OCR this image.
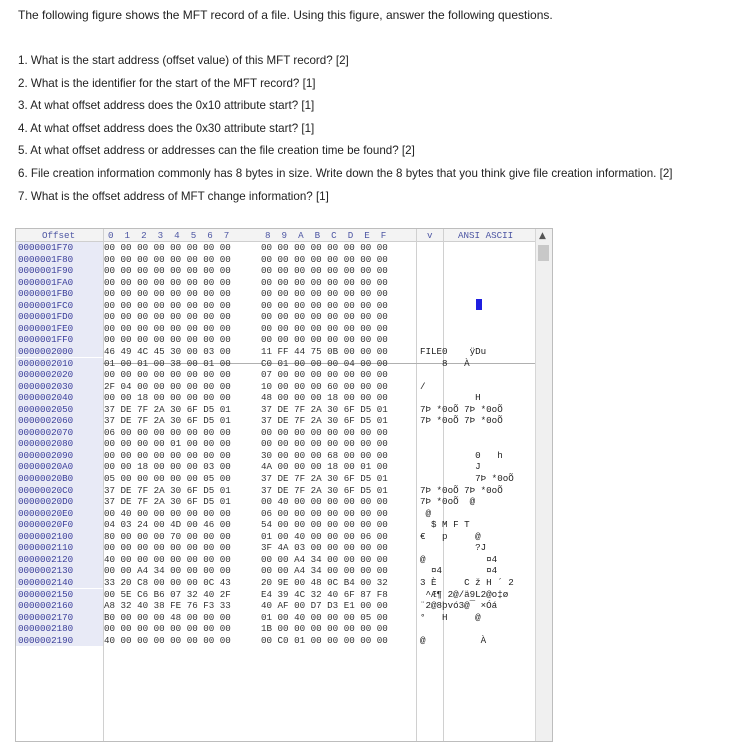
The following figure shows the MFT record of a file. Using this figure, answer the following questions.
1. What is the start address (offset value) of this MFT record? [2]
2. What is the identifier for the start of the MFT record? [1]
3. At what offset address does the 0x10 attribute start? [1]
4. At what offset address does the 0x30 attribute start? [1]
5. At what offset address or addresses can the file creation time be found? [2]
6. File creation information commonly has 8 bytes in size. Write down the 8 bytes that you think give file creation information. [2]
7. What is the offset address of MFT change information? [1]
Offset	0  1  2  3  4  5  6  7	8  9  A  B  C  D  E  F	v	ANSI ASCII
0000001F70	00 00 00 00 00 00 00 00	00 00 00 00 00 00 00 00
0000001F80	00 00 00 00 00 00 00 00	00 00 00 00 00 00 00 00
0000001F90	00 00 00 00 00 00 00 00	00 00 00 00 00 00 00 00
0000001FA0	00 00 00 00 00 00 00 00	00 00 00 00 00 00 00 00
0000001FB0	00 00 00 00 00 00 00 00	00 00 00 00 00 00 00 00
0000001FC0	00 00 00 00 00 00 00 00	00 00 00 00 00 00 00 00
0000001FD0	00 00 00 00 00 00 00 00	00 00 00 00 00 00 00 00
0000001FE0	00 00 00 00 00 00 00 00	00 00 00 00 00 00 00 00
0000001FF0	00 00 00 00 00 00 00 00	00 00 00 00 00 00 00 00
0000002000	46 49 4C 45 30 00 03 00	11 FF 44 75 0B 00 00 00	FILE0    ÿDu
0000002010	01 00 01 00 38 00 01 00	C0 01 00 00 00 04 00 00	8   À
0000002020	00 00 00 00 00 00 00 00	07 00 00 00 00 00 00 00
0000002030	2F 04 00 00 00 00 00 00	10 00 00 00 60 00 00 00	/
0000002040	00 00 18 00 00 00 00 00	48 00 00 00 18 00 00 00	H
0000002050	37 DE 7F 2A 30 6F D5 01	37 DE 7F 2A 30 6F D5 01	7Þ *0oÕ 7Þ *0oÕ
0000002060	37 DE 7F 2A 30 6F D5 01	37 DE 7F 2A 30 6F D5 01	7Þ *0oÕ 7Þ *0oÕ
0000002070	06 00 00 00 00 00 00 00	00 00 00 00 00 00 00 00
0000002080	00 00 00 00 01 00 00 00	00 00 00 00 00 00 00 00
0000002090	00 00 00 00 00 00 00 00	30 00 00 00 68 00 00 00	0   h
00000020A0	00 00 18 00 00 00 03 00	4A 00 00 00 18 00 01 00	J
00000020B0	05 00 00 00 00 00 05 00	37 DE 7F 2A 30 6F D5 01	7Þ *0oÕ
00000020C0	37 DE 7F 2A 30 6F D5 01	37 DE 7F 2A 30 6F D5 01	7Þ *0oÕ 7Þ *0oÕ
00000020D0	37 DE 7F 2A 30 6F D5 01	00 40 00 00 00 00 00 00	7Þ *0oÕ  @
00000020E0	00 40 00 00 00 00 00 00	06 00 00 00 00 00 00 00	@
00000020F0	04 03 24 00 4D 00 46 00	54 00 00 00 00 00 00 00	$ M F T
0000002100	80 00 00 00 70 00 00 00	01 00 40 00 00 00 06 00	€   p     @
0000002110	00 00 00 00 00 00 00 00	3F 4A 03 00 00 00 00 00	?J
0000002120	40 00 00 00 00 00 00 00	00 00 A4 34 00 00 00 00	@           ¤4
0000002130	00 00 A4 34 00 00 00 00	00 00 A4 34 00 00 00 00	¤4        ¤4
0000002140	33 20 C8 00 00 00 0C 43	20 9E 00 48 0C B4 00 32	3 È     C ž H ´ 2
0000002150	00 5E C6 B6 07 32 40 2F	E4 39 4C 32 40 6F 87 F8	^Æ¶ 2@/ä9L2@o‡ø
0000002160	A8 32 40 38 FE 76 F3 33	40 AF 00 D7 D3 E1 00 00	¨2@8þvó3@¯ ×Óá
0000002170	B0 00 00 00 48 00 00 00	01 00 40 00 00 00 05 00	°   H     @
0000002180	00 00 00 00 00 00 00 00	1B 00 00 00 00 00 00 00
0000002190	40 00 00 00 00 00 00 00	00 C0 01 00 00 00 00 00	@          À
▲
